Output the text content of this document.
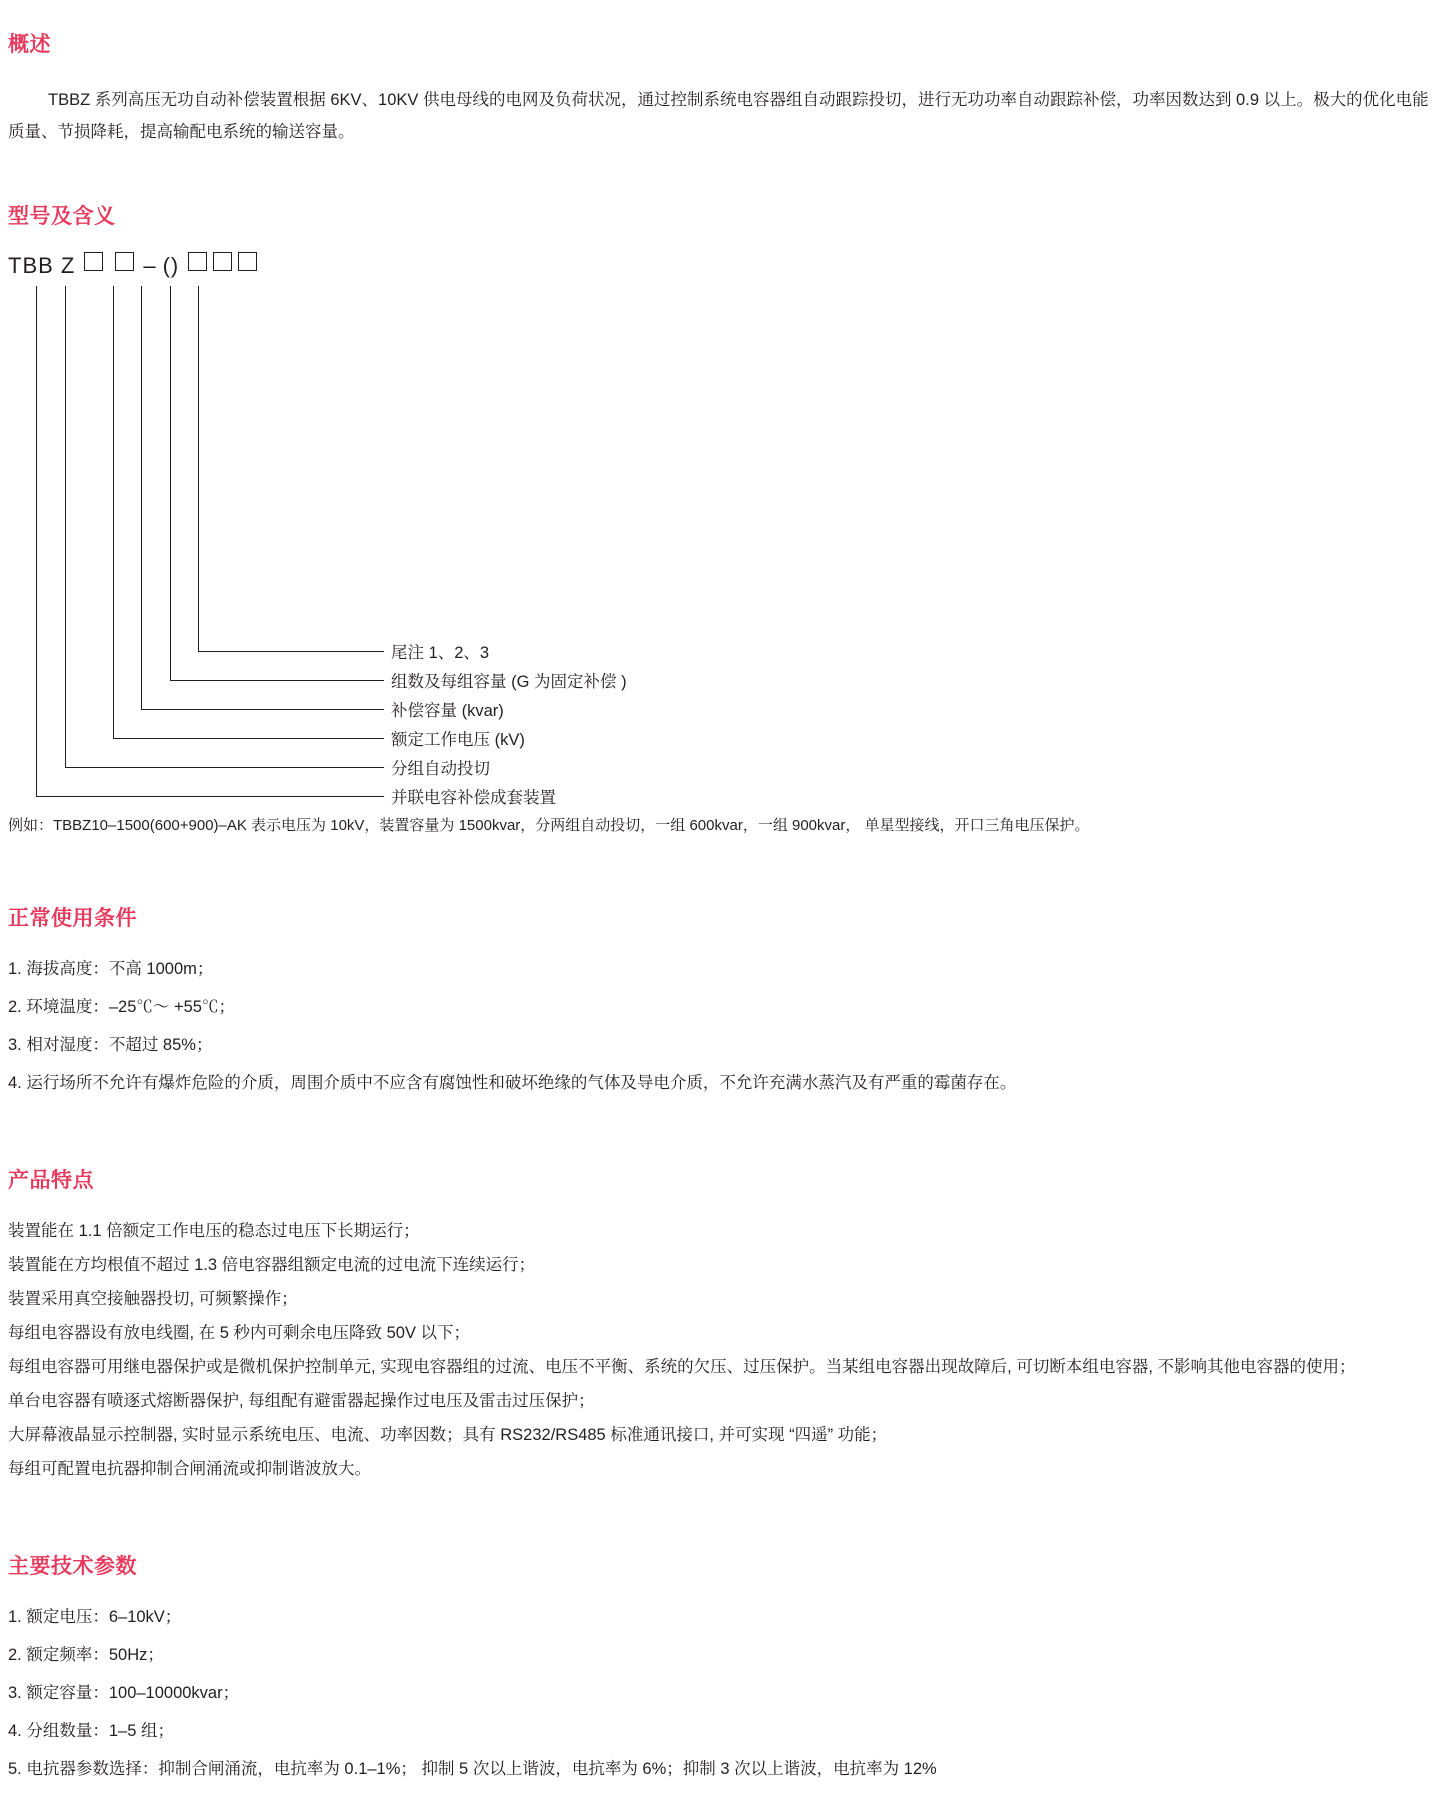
概述

TBBZ 系列高压无功自动补偿装置根据 6KV、10KV 供电母线的电网及负荷状况，通过控制系统电容器组自动跟踪投切，进行无功功率自动跟踪补偿，功率因数达到 0.9 以上。极大的优化电能质量、节损降耗，提高输配电系统的输送容量。

型号及含义
TBB Z	– ()
尾注 1、2、3
组数及每组容量 (G 为固定补偿 )
补偿容量 (kvar)
额定工作电压 (kV)
分组自动投切
并联电容补偿成套装置
例如：TBBZ10–1500(600+900)–AK 表示电压为 10kV，装置容量为 1500kvar，分两组自动投切，一组 600kvar，一组 900kvar， 单星型接线，开口三角电压保护。
正常使用条件
1. 海拔高度：不高 1000m；
2. 环境温度：–25℃～ +55℃；
3. 相对湿度：不超过 85%；
4. 运行场所不允许有爆炸危险的介质，周围介质中不应含有腐蚀性和破坏绝缘的气体及导电介质，不允许充满水蒸汽及有严重的霉菌存在。
产品特点
装置能在 1.1 倍额定工作电压的稳态过电压下长期运行；
装置能在方均根值不超过 1.3 倍电容器组额定电流的过电流下连续运行；
装置采用真空接触器投切, 可频繁操作；
每组电容器设有放电线圈, 在 5 秒内可剩余电压降致 50V 以下；
每组电容器可用继电器保护或是微机保护控制单元, 实现电容器组的过流、电压不平衡、系统的欠压、过压保护。当某组电容器出现故障后, 可切断本组电容器, 不影响其他电容器的使用；
单台电容器有喷逐式熔断器保护, 每组配有避雷器起操作过电压及雷击过压保护；
大屏幕液晶显示控制器, 实时显示系统电压、电流、功率因数；具有 RS232/RS485 标准通讯接口, 并可实现 “四遥” 功能；
每组可配置电抗器抑制合闸涌流或抑制谐波放大。
主要技术参数
1. 额定电压：6–10kV；
2. 额定频率：50Hz；
3. 额定容量：100–10000kvar；
4. 分组数量：1–5 组；
5. 电抗器参数选择：抑制合闸涌流，电抗率为 0.1–1%； 抑制 5 次以上谐波，电抗率为 6%；抑制 3 次以上谐波，电抗率为 12%
